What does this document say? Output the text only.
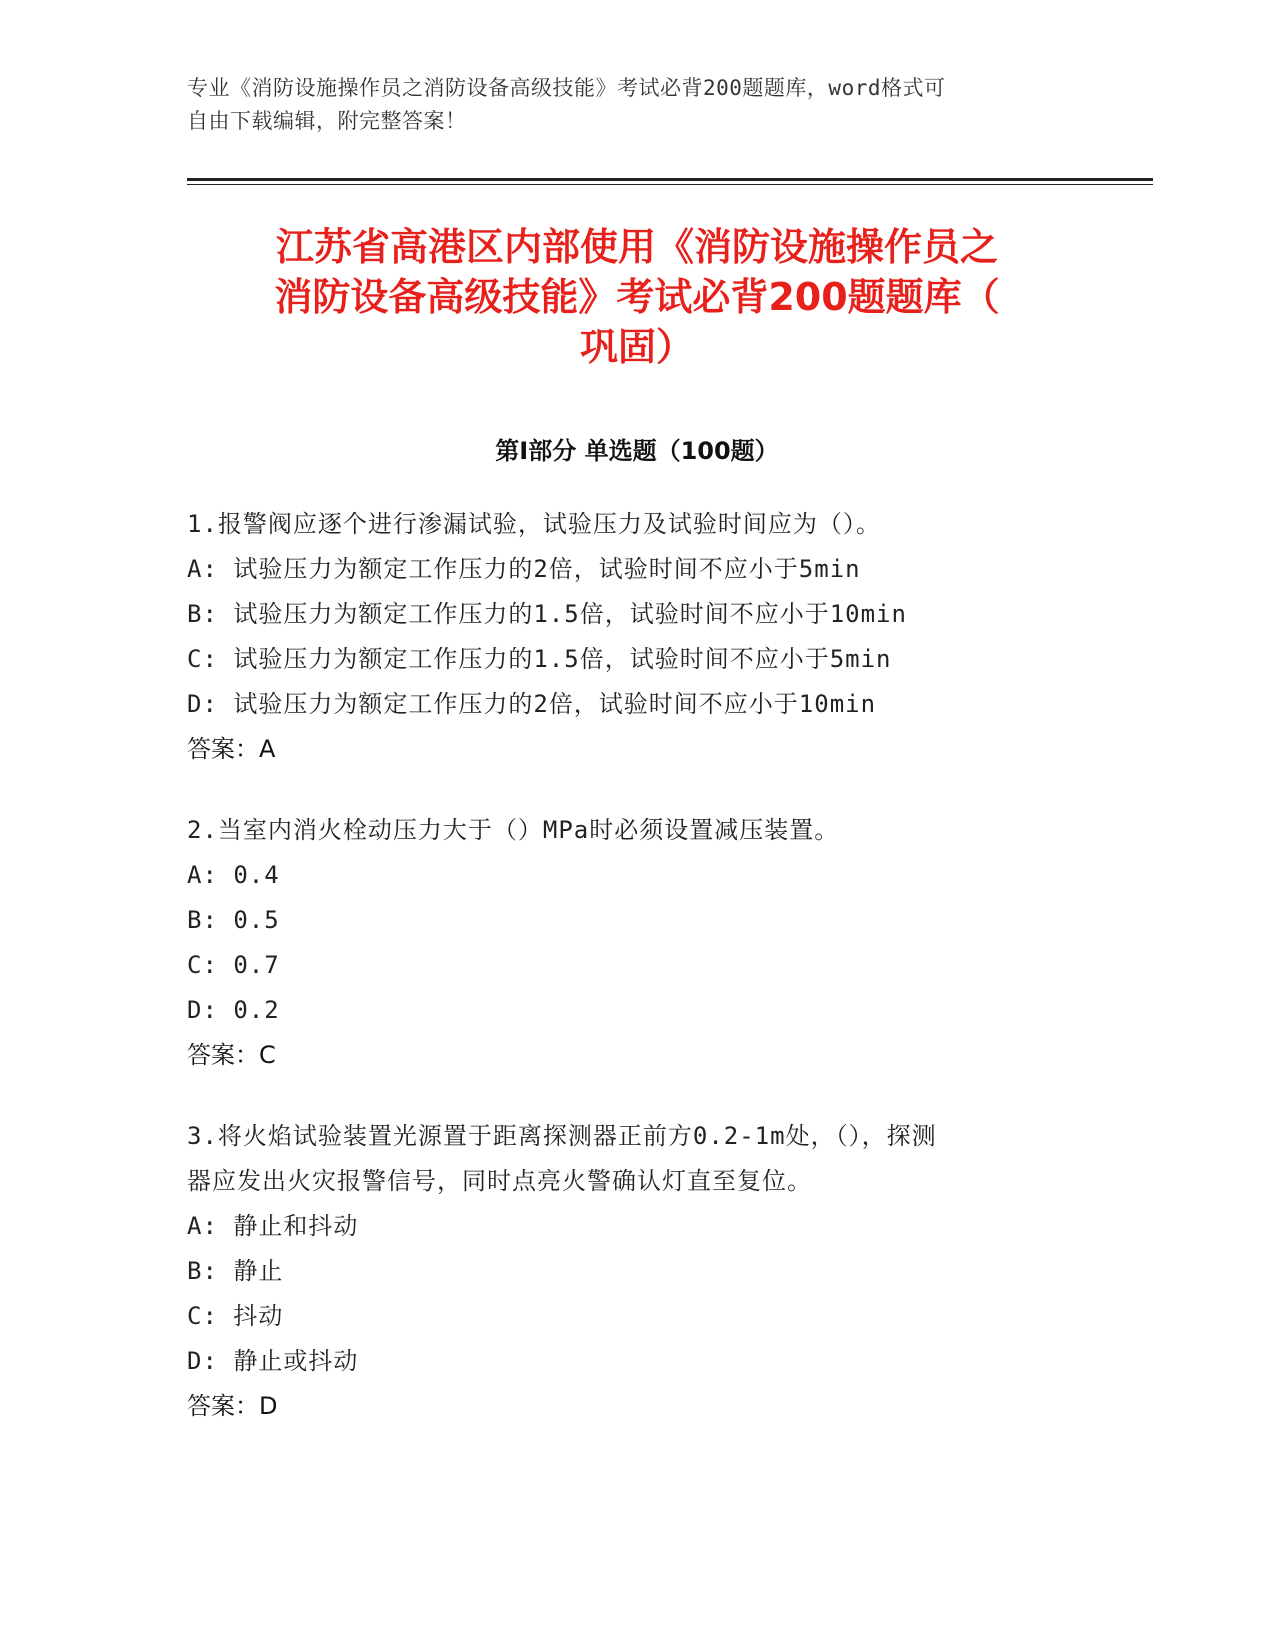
专业《消防设施操作员之消防设备高级技能》考试必背200题题库，word格式可
自由下载编辑，附完整答案！
江苏省高港区内部使用《消防设施操作员之
消防设备高级技能》考试必背200题题库（
巩固）
第Ⅰ部分 单选题（100题）
1.报警阀应逐个进行渗漏试验，试验压力及试验时间应为（）。
A: 试验压力为额定工作压力的2倍，试验时间不应小于5min
B: 试验压力为额定工作压力的1.5倍，试验时间不应小于10min
C: 试验压力为额定工作压力的1.5倍，试验时间不应小于5min
D: 试验压力为额定工作压力的2倍，试验时间不应小于10min
答案：A
2.当室内消火栓动压力大于（）MPa时必须设置减压装置。
A: 0.4
B: 0.5
C: 0.7
D: 0.2
答案：C
3.将火焰试验装置光源置于距离探测器正前方0.2-1m处，（），探测
器应发出火灾报警信号，同时点亮火警确认灯直至复位。
A: 静止和抖动
B: 静止
C: 抖动
D: 静止或抖动
答案：D
